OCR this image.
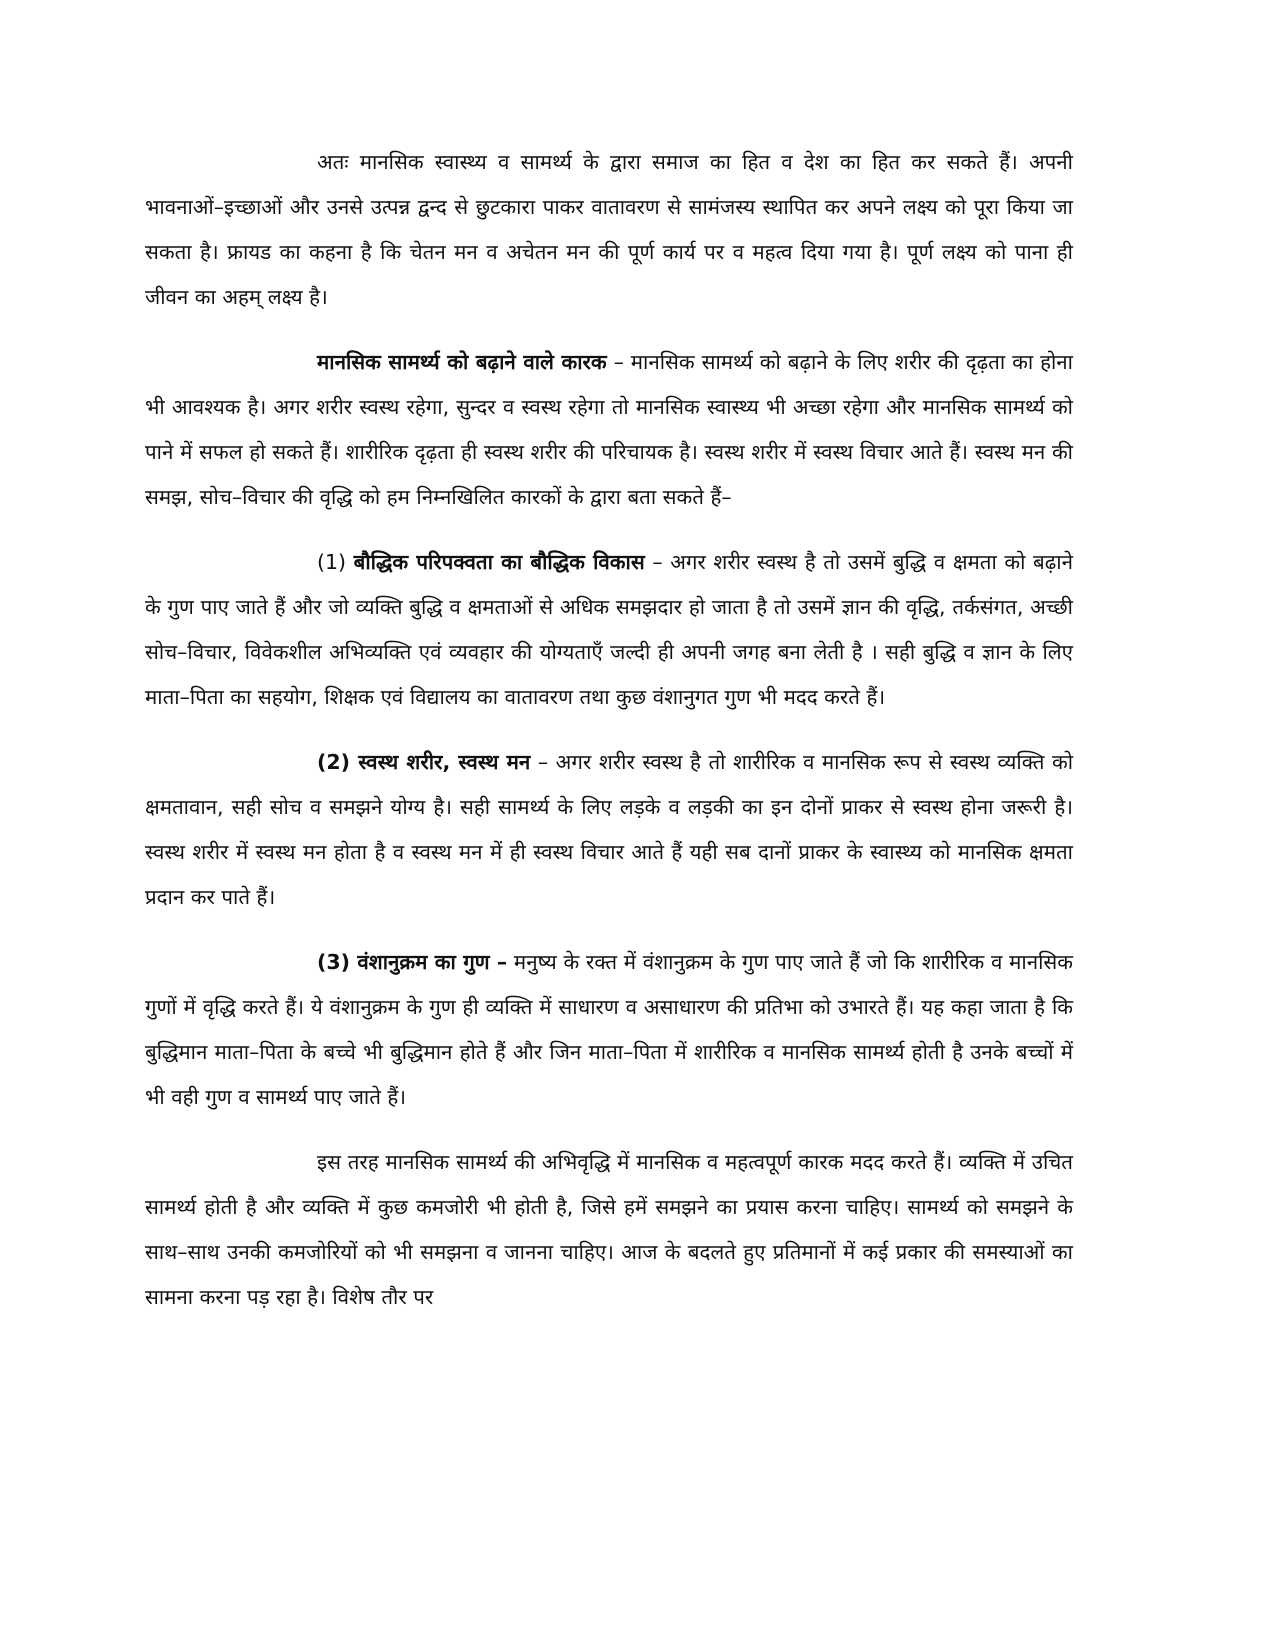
अतः मानसिक स्वास्थ्य व सामर्थ्य के द्वारा समाज का हित व देश का हित कर सकते हैं। अपनी भावनाओं–इच्छाओं और उनसे उत्पन्न द्वन्द से छुटकारा पाकर वातावरण से सामंजस्य स्थापित कर अपने लक्ष्य को पूरा किया जा सकता है। फ्रायड का कहना है कि चेतन मन व अचेतन मन की पूर्ण कार्य पर व महत्व दिया गया है। पूर्ण लक्ष्य को पाना ही जीवन का अहम् लक्ष्य है।

मानसिक सामर्थ्य को बढ़ाने वाले कारक – मानसिक सामर्थ्य को बढ़ाने के लिए शरीर की दृढ़ता का होना भी आवश्यक है। अगर शरीर स्वस्थ रहेगा, सुन्दर व स्वस्थ रहेगा तो मानसिक स्वास्थ्य भी अच्छा रहेगा और मानसिक सामर्थ्य को पाने में सफल हो सकते हैं। शारीरिक दृढ़ता ही स्वस्थ शरीर की परिचायक है। स्वस्थ शरीर में स्वस्थ विचार आते हैं। स्वस्थ मन की समझ, सोच–विचार की वृद्धि को हम निम्नखिलित कारकों के द्वारा बता सकते हैं–

(1) बौद्धिक परिपक्वता का बौद्धिक विकास – अगर शरीर स्वस्थ है तो उसमें बुद्धि व क्षमता को बढ़ाने के गुण पाए जाते हैं और जो व्यक्ति बुद्धि व क्षमताओं से अधिक समझदार हो जाता है तो उसमें ज्ञान की वृद्धि, तर्कसंगत, अच्छी सोच–विचार, विवेकशील अभिव्यक्ति एवं व्यवहार की योग्यताएँ जल्दी ही अपनी जगह बना लेती है । सही बुद्धि व ज्ञान के लिए माता–पिता का सहयोग, शिक्षक एवं विद्यालय का वातावरण तथा कुछ वंशानुगत गुण भी मदद करते हैं।

(2) स्वस्थ शरीर, स्वस्थ मन – अगर शरीर स्वस्थ है तो शारीरिक व मानसिक रूप से स्वस्थ व्यक्ति को क्षमतावान, सही सोच व समझने योग्य है। सही सामर्थ्य के लिए लड़के व लड़की का इन दोनों प्राकर से स्वस्थ होना जरूरी है। स्वस्थ शरीर में स्वस्थ मन होता है व स्वस्थ मन में ही स्वस्थ विचार आते हैं यही सब दानों प्राकर के स्वास्थ्य को मानसिक क्षमता प्रदान कर पाते हैं।

(3) वंशानुक्रम का गुण – मनुष्य के रक्त में वंशानुक्रम के गुण पाए जाते हैं जो कि शारीरिक व मानसिक गुणों में वृद्धि करते हैं। ये वंशानुक्रम के गुण ही व्यक्ति में साधारण व असाधारण की प्रतिभा को उभारते हैं। यह कहा जाता है कि बुद्धिमान माता–पिता के बच्चे भी बुद्धिमान होते हैं और जिन माता–पिता में शारीरिक व मानसिक सामर्थ्य होती है उनके बच्चों में भी वही गुण व सामर्थ्य पाए जाते हैं।

इस तरह मानसिक सामर्थ्य की अभिवृद्धि में मानसिक व महत्वपूर्ण कारक मदद करते हैं। व्यक्ति में उचित सामर्थ्य होती है और व्यक्ति में कुछ कमजोरी भी होती है, जिसे हमें समझने का प्रयास करना चाहिए। सामर्थ्य को समझने के साथ–साथ उनकी कमजोरियों को भी समझना व जानना चाहिए। आज के बदलते हुए प्रतिमानों में कई प्रकार की समस्याओं का सामना करना पड़ रहा है। विशेष तौर पर
